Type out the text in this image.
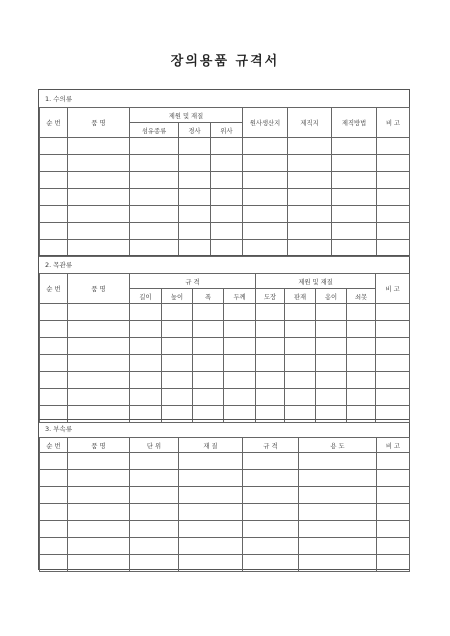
장의용품 규격서
1. 수의류
순 번	품 명	제원 및 재질			원사생산지	제직지	제직방법	비 고
		섬유종류	경사	위사				

2. 목관류
순 번	품 명	규 격				제원 및 재질				비 고
		길이	높이	폭	두께	도장	판재	옹이	쇠못	

3. 부속류
순 번	품 명	단 위	재 질	규 격	용 도	비 고
